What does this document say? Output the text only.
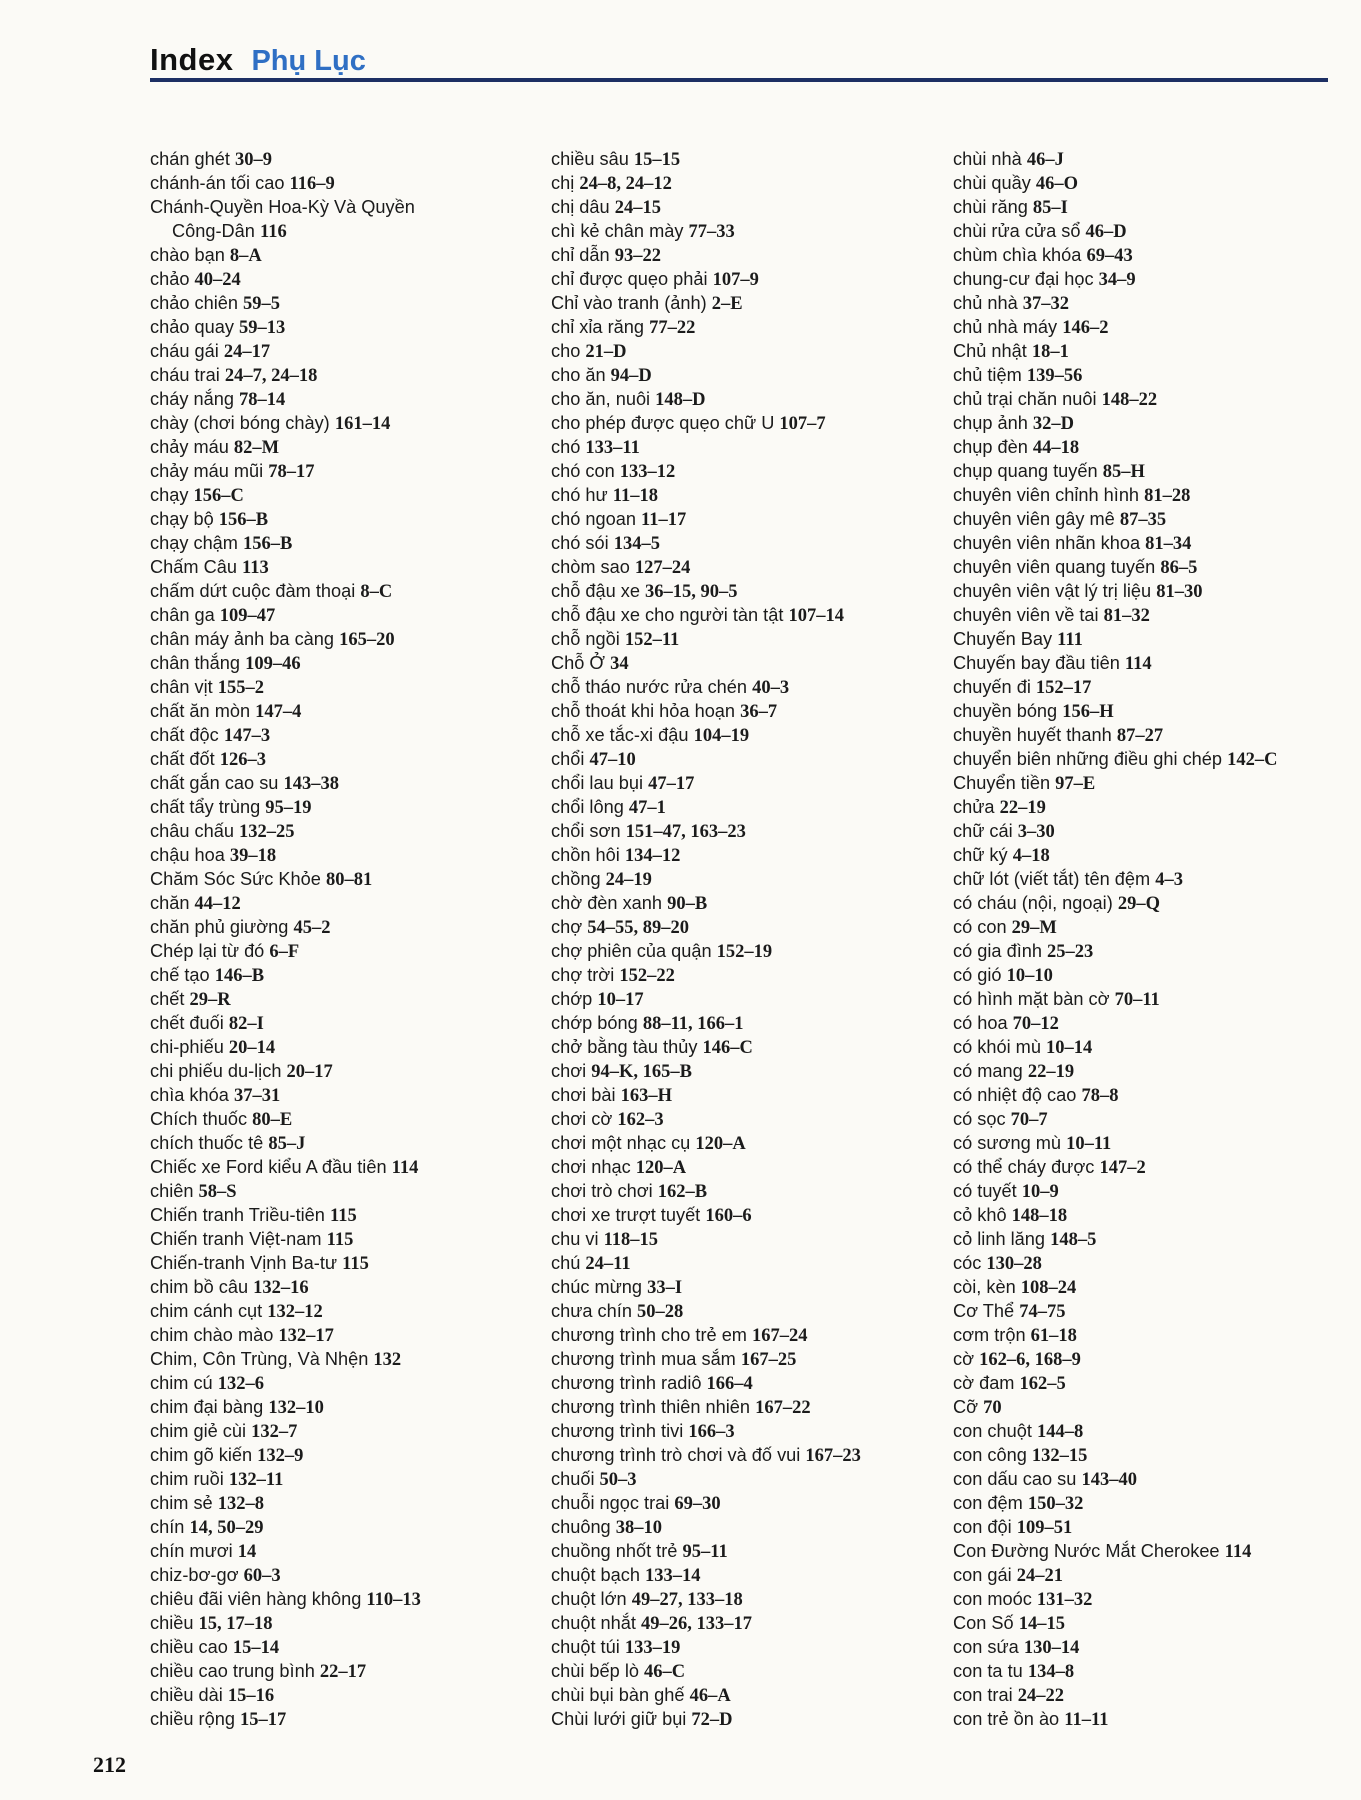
Index Phụ Lục
chán ghét 30–9
chánh-án tối cao 116–9
Chánh-Quyền Hoa-Kỳ Và Quyền
Công-Dân 116
chào bạn 8–A
chảo 40–24
chảo chiên 59–5
chảo quay 59–13
cháu gái 24–17
cháu trai 24–7, 24–18
cháy nắng 78–14
chày (chơi bóng chày) 161–14
chảy máu 82–M
chảy máu mũi 78–17
chạy 156–C
chạy bộ 156–B
chạy chậm 156–B
Chấm Câu 113
chấm dứt cuộc đàm thoại 8–C
chân ga 109–47
chân máy ảnh ba càng 165–20
chân thắng 109–46
chân vịt 155–2
chất ăn mòn 147–4
chất độc 147–3
chất đốt 126–3
chất gắn cao su 143–38
chất tẩy trùng 95–19
châu chấu 132–25
chậu hoa 39–18
Chăm Sóc Sức Khỏe 80–81
chăn 44–12
chăn phủ giường 45–2
Chép lại từ đó 6–F
chế tạo 146–B
chết 29–R
chết đuối 82–I
chi-phiếu 20–14
chi phiếu du-lịch 20–17
chìa khóa 37–31
Chích thuốc 80–E
chích thuốc tê 85–J
Chiếc xe Ford kiểu A đầu tiên 114
chiên 58–S
Chiến tranh Triều-tiên 115
Chiến tranh Việt-nam 115
Chiến-tranh Vịnh Ba-tư 115
chim bồ câu 132–16
chim cánh cụt 132–12
chim chào mào 132–17
Chim, Côn Trùng, Và Nhện 132
chim cú 132–6
chim đại bàng 132–10
chim giẻ cùi 132–7
chim gõ kiến 132–9
chim ruồi 132–11
chim sẻ 132–8
chín 14, 50–29
chín mươi 14
chiz-bơ-gơ 60–3
chiêu đãi viên hàng không 110–13
chiều 15, 17–18
chiều cao 15–14
chiều cao trung bình 22–17
chiều dài 15–16
chiều rộng 15–17
chiều sâu 15–15
chị 24–8, 24–12
chị dâu 24–15
chì kẻ chân mày 77–33
chỉ dẫn 93–22
chỉ được quẹo phải 107–9
Chỉ vào tranh (ảnh) 2–E
chỉ xỉa răng 77–22
cho 21–D
cho ăn 94–D
cho ăn, nuôi 148–D
cho phép được quẹo chữ U 107–7
chó 133–11
chó con 133–12
chó hư 11–18
chó ngoan 11–17
chó sói 134–5
chòm sao 127–24
chỗ đậu xe 36–15, 90–5
chỗ đậu xe cho người tàn tật 107–14
chỗ ngồi 152–11
Chỗ Ở 34
chỗ tháo nước rửa chén 40–3
chỗ thoát khi hỏa hoạn 36–7
chỗ xe tắc-xi đậu 104–19
chổi 47–10
chổi lau bụi 47–17
chổi lông 47–1
chổi sơn 151–47, 163–23
chồn hôi 134–12
chồng 24–19
chờ đèn xanh 90–B
chợ 54–55, 89–20
chợ phiên của quận 152–19
chợ trời 152–22
chớp 10–17
chớp bóng 88–11, 166–1
chở bằng tàu thủy 146–C
chơi 94–K, 165–B
chơi bài 163–H
chơi cờ 162–3
chơi một nhạc cụ 120–A
chơi nhạc 120–A
chơi trò chơi 162–B
chơi xe trượt tuyết 160–6
chu vi 118–15
chú 24–11
chúc mừng 33–I
chưa chín 50–28
chương trình cho trẻ em 167–24
chương trình mua sắm 167–25
chương trình radiô 166–4
chương trình thiên nhiên 167–22
chương trình tivi 166–3
chương trình trò chơi và đố vui 167–23
chuối 50–3
chuỗi ngọc trai 69–30
chuông 38–10
chuồng nhốt trẻ 95–11
chuột bạch 133–14
chuột lớn 49–27, 133–18
chuột nhắt 49–26, 133–17
chuột túi 133–19
chùi bếp lò 46–C
chùi bụi bàn ghế 46–A
Chùi lưới giữ bụi 72–D
chùi nhà 46–J
chùi quầy 46–O
chùi răng 85–I
chùi rửa cửa sổ 46–D
chùm chìa khóa 69–43
chung-cư đại học 34–9
chủ nhà 37–32
chủ nhà máy 146–2
Chủ nhật 18–1
chủ tiệm 139–56
chủ trại chăn nuôi 148–22
chụp ảnh 32–D
chụp đèn 44–18
chụp quang tuyến 85–H
chuyên viên chỉnh hình 81–28
chuyên viên gây mê 87–35
chuyên viên nhãn khoa 81–34
chuyên viên quang tuyến 86–5
chuyên viên vật lý trị liệu 81–30
chuyên viên về tai 81–32
Chuyến Bay 111
Chuyến bay đầu tiên 114
chuyến đi 152–17
chuyền bóng 156–H
chuyền huyết thanh 87–27
chuyển biên những điều ghi chép 142–C
Chuyển tiền 97–E
chửa 22–19
chữ cái 3–30
chữ ký 4–18
chữ lót (viết tắt) tên đệm 4–3
có cháu (nội, ngoại) 29–Q
có con 29–M
có gia đình 25–23
có gió 10–10
có hình mặt bàn cờ 70–11
có hoa 70–12
có khói mù 10–14
có mang 22–19
có nhiệt độ cao 78–8
có sọc 70–7
có sương mù 10–11
có thể cháy được 147–2
có tuyết 10–9
cỏ khô 148–18
cỏ linh lăng 148–5
cóc 130–28
còi, kèn 108–24
Cơ Thể 74–75
cơm trộn 61–18
cờ 162–6, 168–9
cờ đam 162–5
Cỡ 70
con chuột 144–8
con công 132–15
con dấu cao su 143–40
con đệm 150–32
con đội 109–51
Con Đường Nước Mắt Cherokee 114
con gái 24–21
con moóc 131–32
Con Số 14–15
con sứa 130–14
con ta tu 134–8
con trai 24–22
con trẻ ồn ào 11–11
212
